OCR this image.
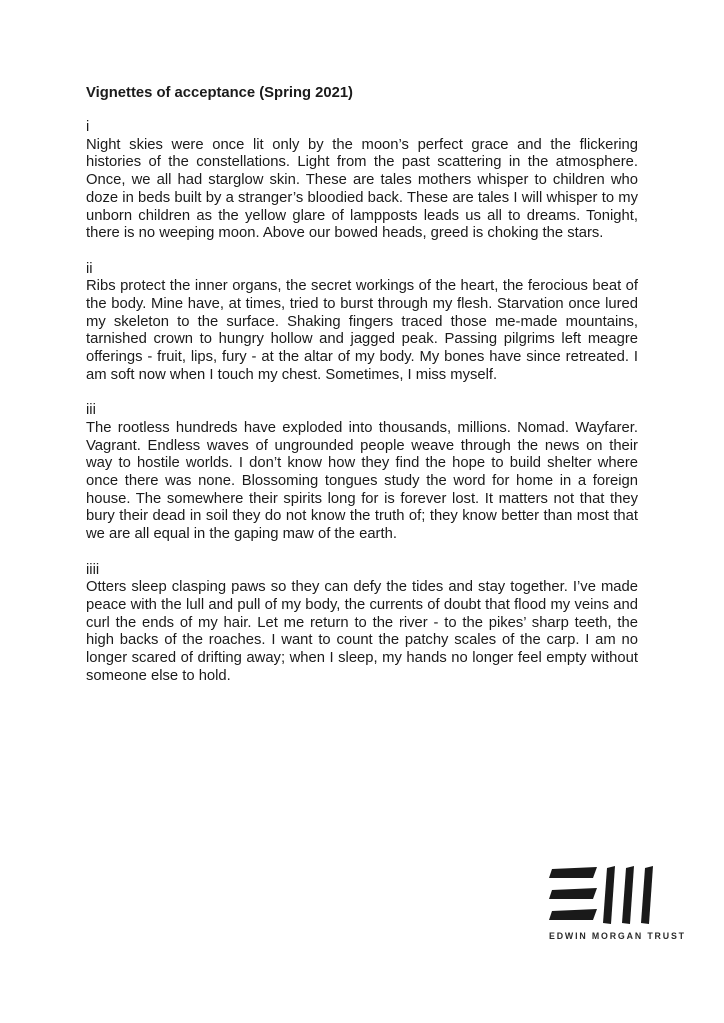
Vignettes of acceptance (Spring 2021)

i

Night skies were once lit only by the moon’s perfect grace and the flickering histories of the constellations. Light from the past scattering in the atmosphere. Once, we all had starglow skin. These are tales mothers whisper to children who doze in beds built by a stranger’s bloodied back. These are tales I will whisper to my unborn children as the yellow glare of lampposts leads us all to dreams. Tonight, there is no weeping moon. Above our bowed heads, greed is choking the stars.

ii

Ribs protect the inner organs, the secret workings of the heart, the ferocious beat of the body. Mine have, at times, tried to burst through my flesh. Starvation once lured my skeleton to the surface. Shaking fingers traced those me-made mountains, tarnished crown to hungry hollow and jagged peak. Passing pilgrims left meagre offerings - fruit, lips, fury - at the altar of my body. My bones have since retreated. I am soft now when I touch my chest. Sometimes, I miss myself.

iii

The rootless hundreds have exploded into thousands, millions. Nomad. Wayfarer. Vagrant. Endless waves of ungrounded people weave through the news on their way to hostile worlds. I don’t know how they find the hope to build shelter where once there was none. Blossoming tongues study the word for home in a foreign house. The somewhere their spirits long for is forever lost. It matters not that they bury their dead in soil they do not know the truth of; they know better than most that we are all equal in the gaping maw of the earth.

iiii

Otters sleep clasping paws so they can defy the tides and stay together. I’ve made peace with the lull and pull of my body, the currents of doubt that flood my veins and curl the ends of my hair. Let me return to the river - to the pikes’ sharp teeth, the high backs of the roaches. I want to count the patchy scales of the carp. I am no longer scared of drifting away; when I sleep, my hands no longer feel empty without someone else to hold.

EDWIN MORGAN TRUST
